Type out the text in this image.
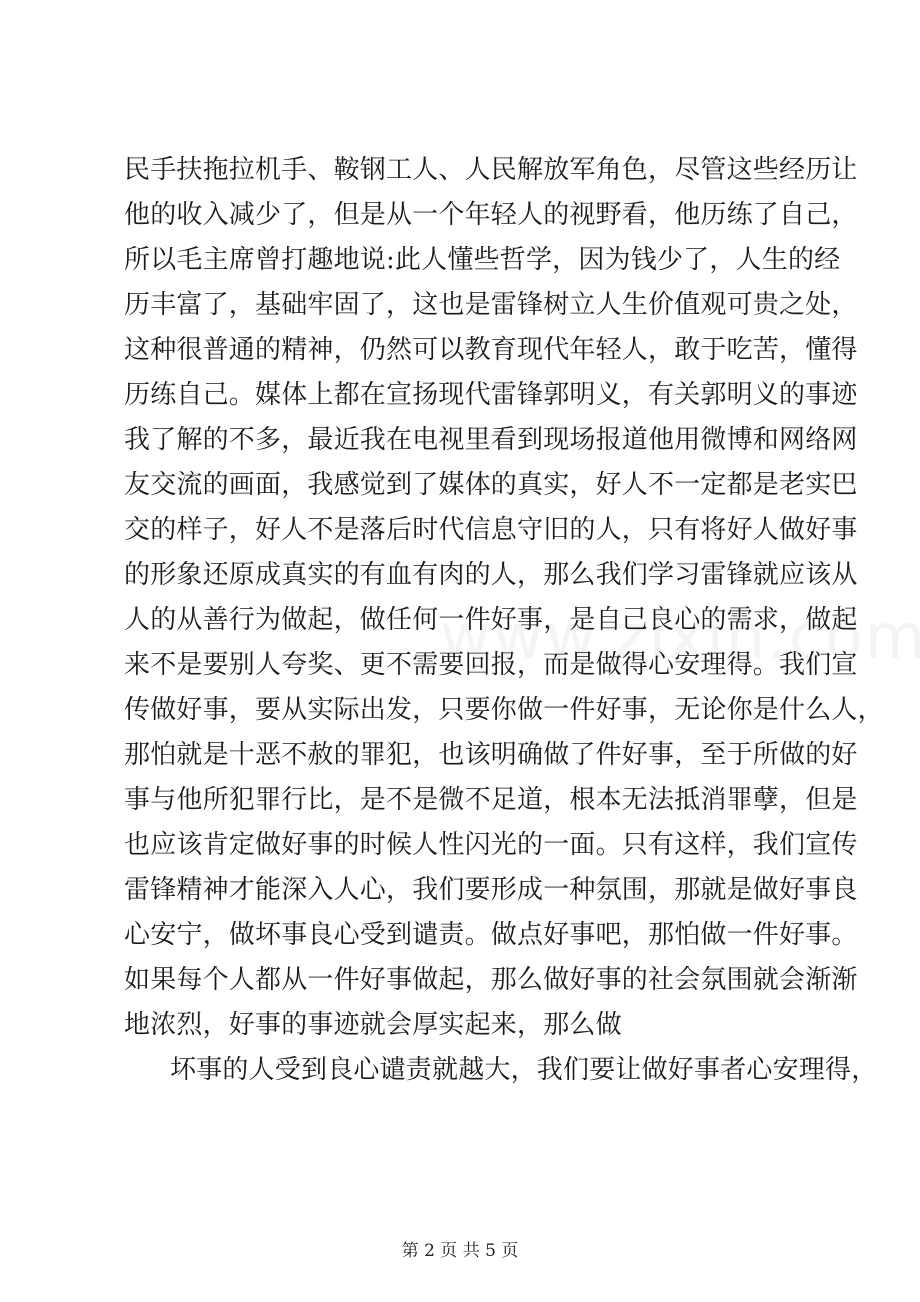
民手扶拖拉机手、鞍钢工人、人民解放军角色，尽管这些经历让
他的收入减少了，但是从一个年轻人的视野看，他历练了自己，
所以毛主席曾打趣地说:此人懂些哲学，因为钱少了，人生的经
历丰富了，基础牢固了，这也是雷锋树立人生价值观可贵之处，
这种很普通的精神，仍然可以教育现代年轻人，敢于吃苦，懂得
历练自己。媒体上都在宣扬现代雷锋郭明义，有关郭明义的事迹
我了解的不多，最近我在电视里看到现场报道他用微博和网络网
友交流的画面，我感觉到了媒体的真实，好人不一定都是老实巴
交的样子，好人不是落后时代信息守旧的人，只有将好人做好事
的形象还原成真实的有血有肉的人，那么我们学习雷锋就应该从
人的从善行为做起，做任何一件好事，是自己良心的需求，做起
来不是要别人夸奖、更不需要回报，而是做得心安理得。我们宣
传做好事，要从实际出发，只要你做一件好事，无论你是什么人，
那怕就是十恶不赦的罪犯，也该明确做了件好事，至于所做的好
事与他所犯罪行比，是不是微不足道，根本无法抵消罪孽，但是
也应该肯定做好事的时候人性闪光的一面。只有这样，我们宣传
雷锋精神才能深入人心，我们要形成一种氛围，那就是做好事良
心安宁，做坏事良心受到谴责。做点好事吧，那怕做一件好事。
如果每个人都从一件好事做起，那么做好事的社会氛围就会渐渐
地浓烈，好事的事迹就会厚实起来，那么做
坏事的人受到良心谴责就越大，我们要让做好事者心安理得，
第 2 页 共 5 页
